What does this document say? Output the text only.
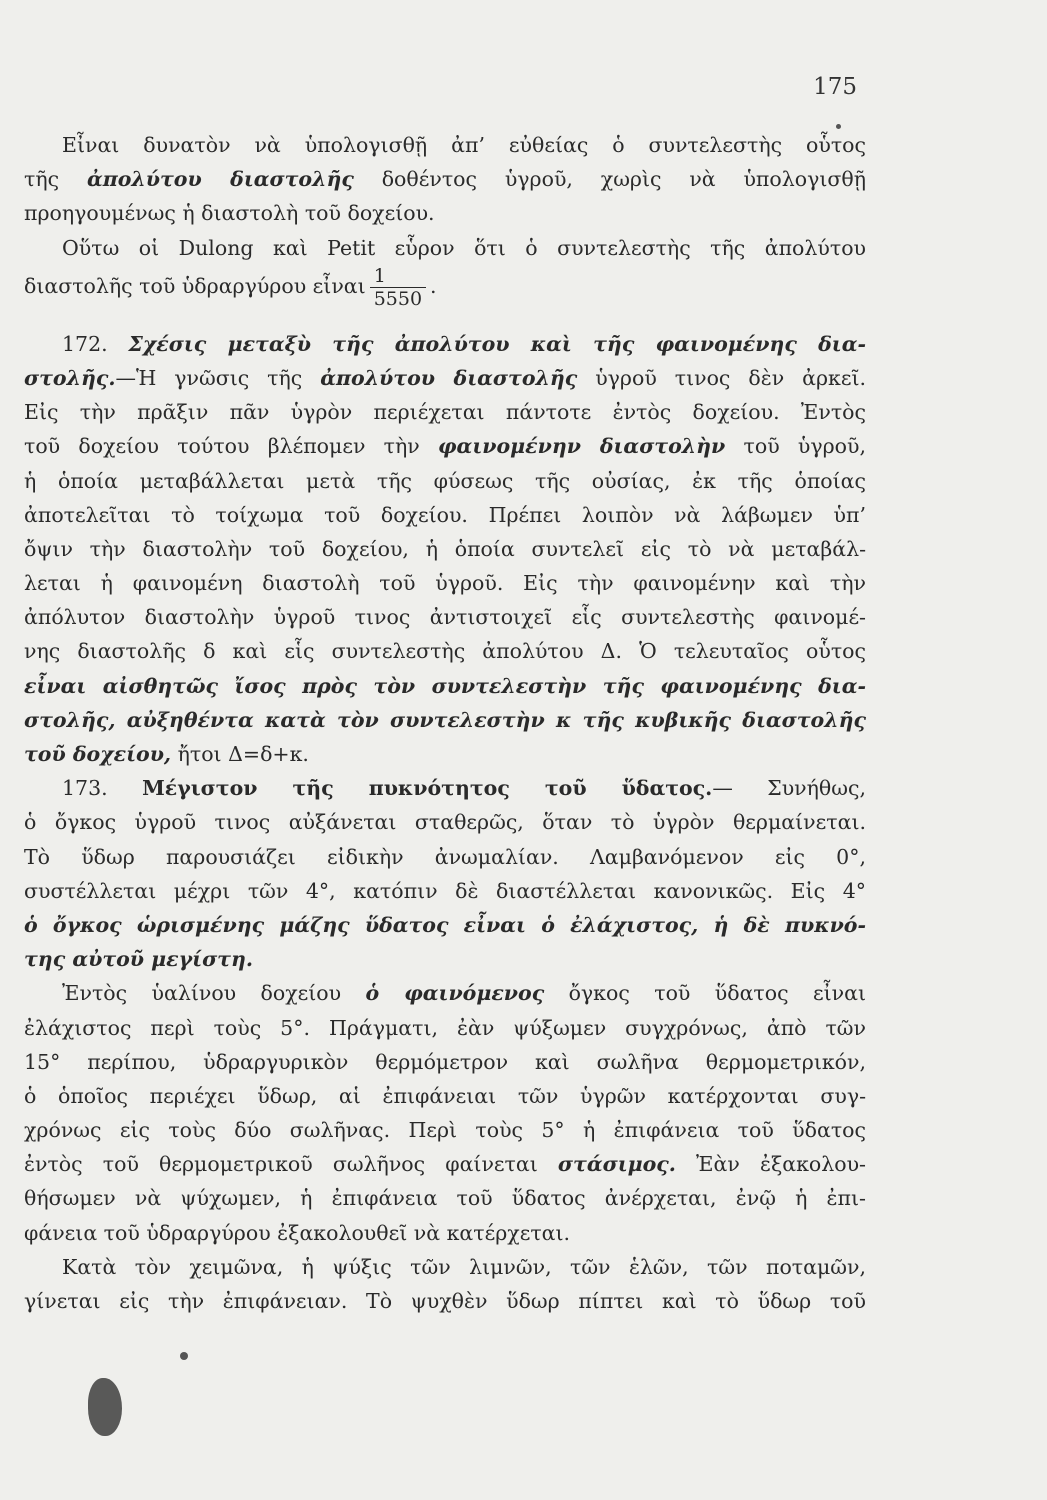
175
Εἶναι δυνατὸν νὰ ὑπολογισθῇ ἀπ’ εὐθείας ὁ συντελεστὴς οὗτος
τῆς ἀπολύτου διαστολῆς δοθέντος ὑγροῦ, χωρὶς νὰ ὑπολογισθῇ
προηγουμένως ἡ διαστολὴ τοῦ δοχείου.
Οὕτω οἱ Dulong καὶ Petit εὗρον ὅτι ὁ συντελεστὴς τῆς ἀπολύτου
διαστολῆς τοῦ ὑδραργύρου εἶναι $\frac{1}{5550}$ .
172. Σχέσις μεταξὺ τῆς ἀπολύτου καὶ τῆς φαινομένης δια-
στολῆς.—Ἡ γνῶσις τῆς ἀπολύτου διαστολῆς ὑγροῦ τινος δὲν ἀρκεῖ.
Εἰς τὴν πρᾶξιν πᾶν ὑγρὸν περιέχεται πάντοτε ἐντὸς δοχείου. Ἐντὸς
τοῦ δοχείου τούτου βλέπομεν τὴν φαινομένην διαστολὴν τοῦ ὑγροῦ,
ἡ ὁποία μεταβάλλεται μετὰ τῆς φύσεως τῆς οὐσίας, ἐκ τῆς ὁποίας
ἀποτελεῖται τὸ τοίχωμα τοῦ δοχείου. Πρέπει λοιπὸν νὰ λάβωμεν ὑπ’
ὄψιν τὴν διαστολὴν τοῦ δοχείου, ἡ ὁποία συντελεῖ εἰς τὸ νὰ μεταβάλ-
λεται ἡ φαινομένη διαστολὴ τοῦ ὑγροῦ. Εἰς τὴν φαινομένην καὶ τὴν
ἀπόλυτον διαστολὴν ὑγροῦ τινος ἀντιστοιχεῖ εἷς συντελεστὴς φαινομέ-
νης διαστολῆς δ καὶ εἷς συντελεστὴς ἀπολύτου Δ. Ὁ τελευταῖος οὗτος
εἶναι αἰσθητῶς ἴσος πρὸς τὸν συντελεστὴν τῆς φαινομένης δια-
στολῆς, αὐξηθέντα κατὰ τὸν συντελεστὴν κ τῆς κυβικῆς διαστολῆς
τοῦ δοχείου, ἤτοι Δ=δ+κ.
173. Μέγιστον τῆς πυκνότητος τοῦ ὕδατος.— Συνήθως,
ὁ ὄγκος ὑγροῦ τινος αὐξάνεται σταθερῶς, ὅταν τὸ ὑγρὸν θερμαίνεται.
Τὸ ὕδωρ παρουσιάζει εἰδικὴν ἀνωμαλίαν. Λαμβανόμενον εἰς 0°,
συστέλλεται μέχρι τῶν 4°, κατόπιν δὲ διαστέλλεται κανονικῶς. Εἰς 4°
ὁ ὄγκος ὡρισμένης μάζης ὕδατος εἶναι ὁ ἐλάχιστος, ἡ δὲ πυκνό-
της αὐτοῦ μεγίστη.
Ἐντὸς ὑαλίνου δοχείου ὁ φαινόμενος ὄγκος τοῦ ὕδατος εἶναι
ἐλάχιστος περὶ τοὺς 5°. Πράγματι, ἐὰν ψύξωμεν συγχρόνως, ἀπὸ τῶν
15° περίπου, ὑδραργυρικὸν θερμόμετρον καὶ σωλῆνα θερμομετρικόν,
ὁ ὁποῖος περιέχει ὕδωρ, αἱ ἐπιφάνειαι τῶν ὑγρῶν κατέρχονται συγ-
χρόνως εἰς τοὺς δύο σωλῆνας. Περὶ τοὺς 5° ἡ ἐπιφάνεια τοῦ ὕδατος
ἐντὸς τοῦ θερμομετρικοῦ σωλῆνος φαίνεται στάσιμος. Ἐὰν ἐξακολου-
θήσωμεν νὰ ψύχωμεν, ἡ ἐπιφάνεια τοῦ ὕδατος ἀνέρχεται, ἐνῷ ἡ ἐπι-
φάνεια τοῦ ὑδραργύρου ἐξακολουθεῖ νὰ κατέρχεται.
Κατὰ τὸν χειμῶνα, ἡ ψύξις τῶν λιμνῶν, τῶν ἑλῶν, τῶν ποταμῶν,
γίνεται εἰς τὴν ἐπιφάνειαν. Τὸ ψυχθὲν ὕδωρ πίπτει καὶ τὸ ὕδωρ τοῦ
